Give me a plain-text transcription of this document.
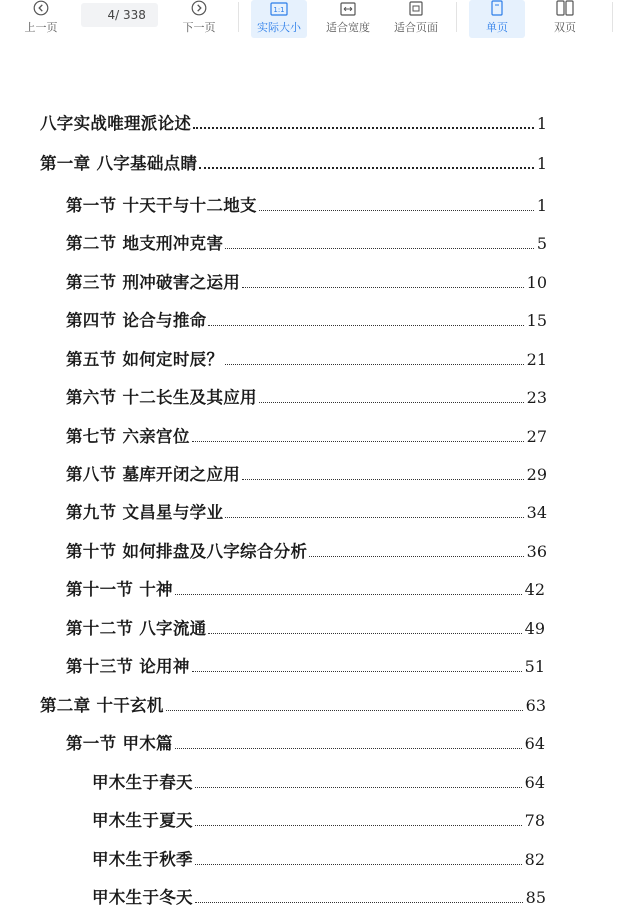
上一页
4
/ 338
下一页
1:1
实际大小 适合宽度 适合页面	单页	双页
八字实战唯理派论述	1
第一章 八字基础点睛	1
第一节 十天干与十二地支	1
第二节 地支刑冲克害	5
第三节 刑冲破害之运用	10
第四节 论合与推命	15
第五节 如何定时辰？	21
第六节 十二长生及其应用	23
第七节 六亲宫位	27
第八节 墓库开闭之应用	29
第九节 文昌星与学业	34
第十节 如何排盘及八字综合分析	36
第十一节 十神	42
第十二节 八字流通	49
第十三节 论用神	51
第二章 十干玄机	63
第一节 甲木篇	64
甲木生于春天	64
甲木生于夏天	78
甲木生于秋季	82
甲木生于冬天	85
